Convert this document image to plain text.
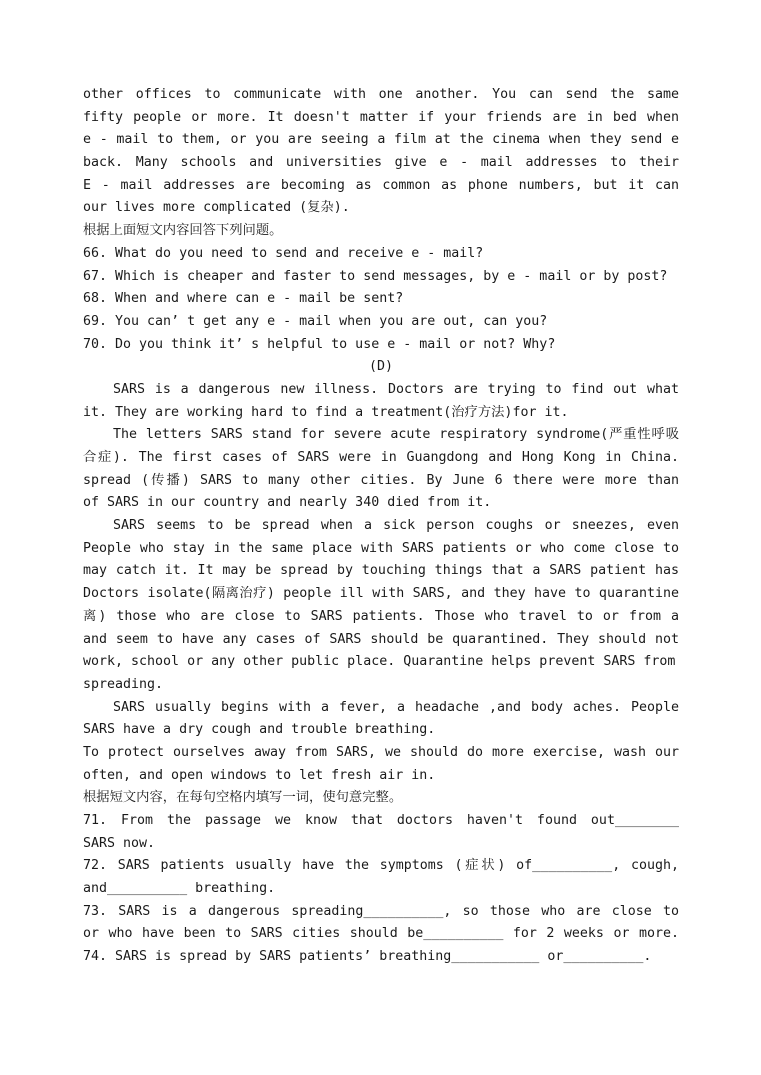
other offices to communicate with one another. You can send the same
fifty people or more. It doesn't matter if your friends are in bed when
e - mail to them, or you are seeing a film at the cinema when they send e
back. Many schools and universities give e - mail addresses to their
E - mail addresses are becoming as common as phone numbers, but it can
our lives more complicated (复杂).
根据上面短文内容回答下列问题。
66. What do you need to send and receive e - mail?
67. Which is cheaper and faster to send messages, by e - mail or by post?
68. When and where can e - mail be sent?
69. You can’ t get any e - mail when you are out, can you?
70. Do you think it’ s helpful to use e - mail or not? Why?
(D)
SARS is a dangerous new illness. Doctors are trying to find out what
it. They are working hard to find a treatment(治疗方法)for it.
The letters SARS stand for severe acute respiratory syndrome(严重性呼吸
合症). The first cases of SARS were in Guangdong and Hong Kong in China.
spread (传播) SARS to many other cities. By June 6 there were more than
of SARS in our country and nearly 340 died from it.
SARS seems to be spread when a sick person coughs or sneezes, even
People who stay in the same place with SARS patients or who come close to
may catch it. It may be spread by touching things that a SARS patient has
Doctors isolate(隔离治疗) people ill with SARS, and they have to quarantine
离) those who are close to SARS patients. Those who travel to or from a
and seem to have any cases of SARS should be quarantined. They should not
work, school or any other public place. Quarantine helps prevent SARS from
spreading.
SARS usually begins with a fever, a headache ,and body aches. People
SARS have a dry cough and trouble breathing.
To protect ourselves away from SARS, we should do more exercise, wash our
often, and open windows to let fresh air in.
根据短文内容，在每句空格内填写一词，使句意完整。
71. From the passage we know that doctors haven't found out________
SARS now.
72. SARS patients usually have the symptoms (症状) of__________, cough,
and__________ breathing.
73. SARS is a dangerous spreading__________, so those who are close to
or who have been to SARS cities should be__________ for 2 weeks or more.
74. SARS is spread by SARS patients’ breathing___________ or__________.
